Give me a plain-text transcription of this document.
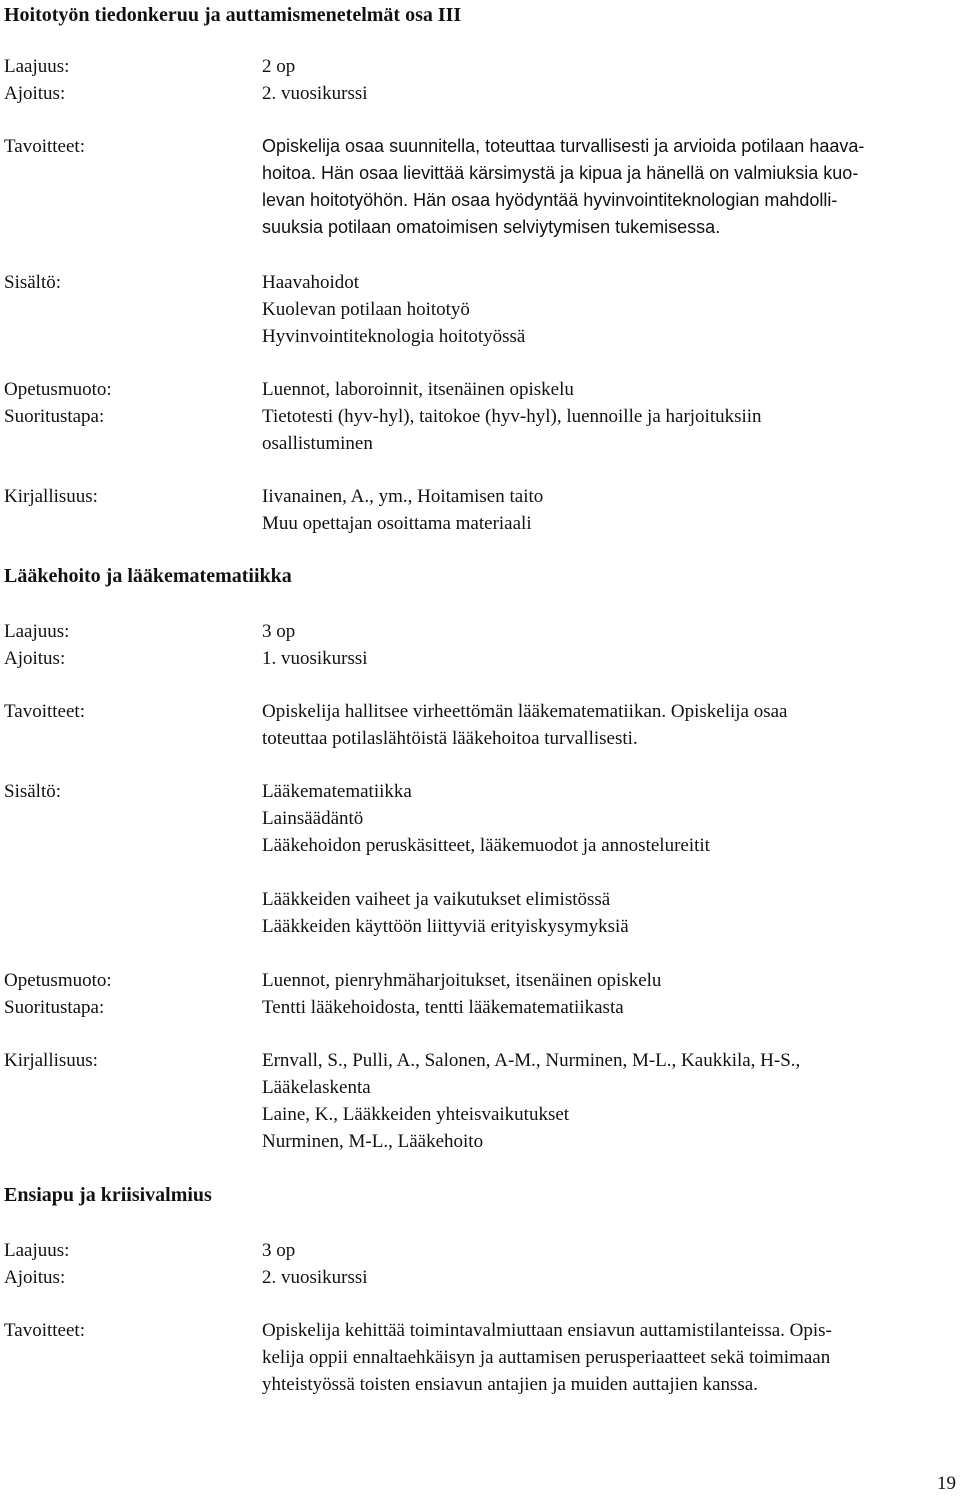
Hoitotyön tiedonkeruu ja auttamismenetelmät osa III
Laajuus:	2 op
Ajoitus:	2. vuosikurssi
Tavoitteet:	Opiskelija osaa suunnitella, toteuttaa turvallisesti ja arvioida potilaan haava-
hoitoa. Hän osaa lievittää kärsimystä ja kipua ja hänellä on valmiuksia kuo-
levan hoitotyöhön. Hän osaa hyödyntää hyvinvointiteknologian mahdolli-
suuksia potilaan omatoimisen selviytymisen tukemisessa.
Sisältö:	Haavahoidot
Kuolevan potilaan hoitotyö
Hyvinvointiteknologia hoitotyössä
Opetusmuoto:	Luennot, laboroinnit, itsenäinen opiskelu
Suoritustapa:	Tietotesti (hyv-hyl), taitokoe (hyv-hyl), luennoille ja harjoituksiin
osallistuminen
Kirjallisuus:	Iivanainen, A., ym., Hoitamisen taito
Muu opettajan osoittama materiaali
Lääkehoito ja lääkematematiikka
Laajuus:	3 op
Ajoitus:	1. vuosikurssi
Tavoitteet:	Opiskelija hallitsee virheettömän lääkematematiikan. Opiskelija osaa
toteuttaa potilaslähtöistä lääkehoitoa turvallisesti.
Sisältö:	Lääkematematiikka
Lainsäädäntö
Lääkehoidon peruskäsitteet, lääkemuodot ja annostelureitit
Lääkkeiden vaiheet ja vaikutukset elimistössä
Lääkkeiden käyttöön liittyviä erityiskysymyksiä
Opetusmuoto:	Luennot, pienryhmäharjoitukset, itsenäinen opiskelu
Suoritustapa:	Tentti lääkehoidosta, tentti lääkematematiikasta
Kirjallisuus:	Ernvall, S., Pulli, A., Salonen, A-M., Nurminen, M-L., Kaukkila, H-S.,
Lääkelaskenta
Laine, K., Lääkkeiden yhteisvaikutukset
Nurminen, M-L., Lääkehoito
Ensiapu ja kriisivalmius
Laajuus:	3 op
Ajoitus:	2. vuosikurssi
Tavoitteet:	Opiskelija kehittää toimintavalmiuttaan ensiavun auttamistilanteissa. Opis-
kelija oppii ennaltaehkäisyn ja auttamisen perusperiaatteet sekä toimimaan
yhteistyössä toisten ensiavun antajien ja muiden auttajien kanssa.
19
